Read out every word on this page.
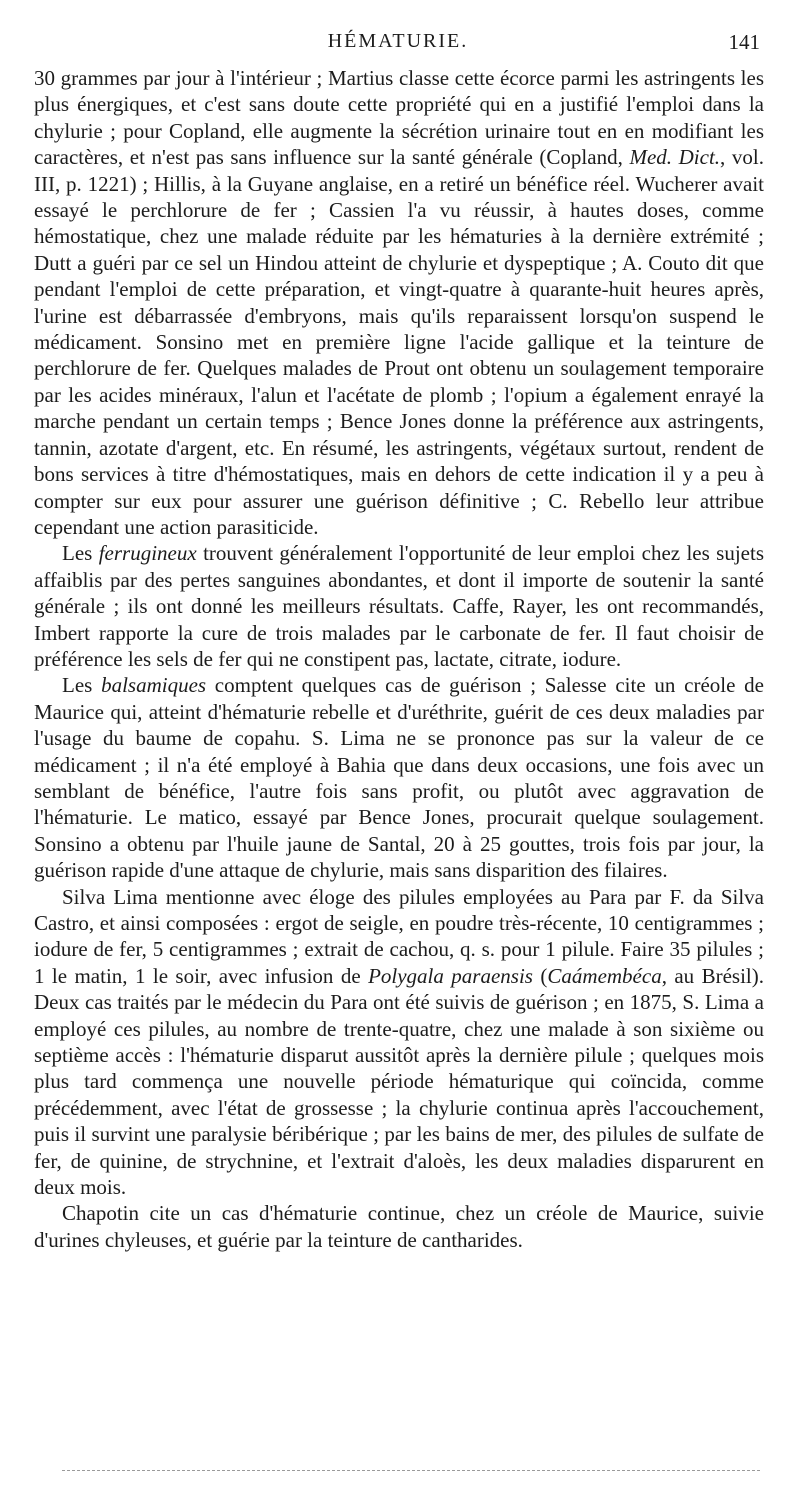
HÉMATURIE.	141

30 grammes par jour à l'intérieur ; Martius classe cette écorce parmi les astringents les plus énergiques, et c'est sans doute cette propriété qui en a justifié l'emploi dans la chylurie ; pour Copland, elle augmente la sécrétion urinaire tout en en modifiant les caractères, et n'est pas sans influence sur la santé générale (Copland, Med. Dict., vol. III, p. 1221) ; Hillis, à la Guyane anglaise, en a retiré un bénéfice réel. Wucherer avait essayé le perchlorure de fer ; Cassien l'a vu réussir, à hautes doses, comme hémostatique, chez une malade réduite par les hématuries à la dernière extrémité ; Dutt a guéri par ce sel un Hindou atteint de chylurie et dyspeptique ; A. Couto dit que pendant l'emploi de cette préparation, et vingt-quatre à quarante-huit heures après, l'urine est débarrassée d'embryons, mais qu'ils reparaissent lorsqu'on suspend le médicament. Sonsino met en première ligne l'acide gallique et la teinture de perchlorure de fer. Quelques malades de Prout ont obtenu un soulagement temporaire par les acides minéraux, l'alun et l'acétate de plomb ; l'opium a également enrayé la marche pendant un certain temps ; Bence Jones donne la préférence aux astringents, tannin, azotate d'argent, etc. En résumé, les astringents, végétaux surtout, rendent de bons services à titre d'hémostatiques, mais en dehors de cette indication il y a peu à compter sur eux pour assurer une guérison définitive ; C. Rebello leur attribue cependant une action parasiticide.

Les ferrugineux trouvent généralement l'opportunité de leur emploi chez les sujets affaiblis par des pertes sanguines abondantes, et dont il importe de soutenir la santé générale ; ils ont donné les meilleurs résultats. Caffe, Rayer, les ont recommandés, Imbert rapporte la cure de trois malades par le carbonate de fer. Il faut choisir de préférence les sels de fer qui ne constipent pas, lactate, citrate, iodure.

Les balsamiques comptent quelques cas de guérison ; Salesse cite un créole de Maurice qui, atteint d'hématurie rebelle et d'uréthrite, guérit de ces deux maladies par l'usage du baume de copahu. S. Lima ne se prononce pas sur la valeur de ce médicament ; il n'a été employé à Bahia que dans deux occasions, une fois avec un semblant de bénéfice, l'autre fois sans profit, ou plutôt avec aggravation de l'hématurie. Le matico, essayé par Bence Jones, procurait quelque soulagement. Sonsino a obtenu par l'huile jaune de Santal, 20 à 25 gouttes, trois fois par jour, la guérison rapide d'une attaque de chylurie, mais sans disparition des filaires.

Silva Lima mentionne avec éloge des pilules employées au Para par F. da Silva Castro, et ainsi composées : ergot de seigle, en poudre très-récente, 10 centigrammes ; iodure de fer, 5 centigrammes ; extrait de cachou, q. s. pour 1 pilule. Faire 35 pilules ; 1 le matin, 1 le soir, avec infusion de Polygala paraensis (Caámembéca, au Brésil). Deux cas traités par le médecin du Para ont été suivis de guérison ; en 1875, S. Lima a employé ces pilules, au nombre de trente-quatre, chez une malade à son sixième ou septième accès : l'hématurie disparut aussitôt après la dernière pilule ; quelques mois plus tard commença une nouvelle période hématurique qui coïncida, comme précédemment, avec l'état de grossesse ; la chylurie continua après l'accouchement, puis il survint une paralysie béribérique ; par les bains de mer, des pilules de sulfate de fer, de quinine, de strychnine, et l'extrait d'aloès, les deux maladies disparurent en deux mois.

Chapotin cite un cas d'hématurie continue, chez un créole de Maurice, suivie d'urines chyleuses, et guérie par la teinture de cantharides.
